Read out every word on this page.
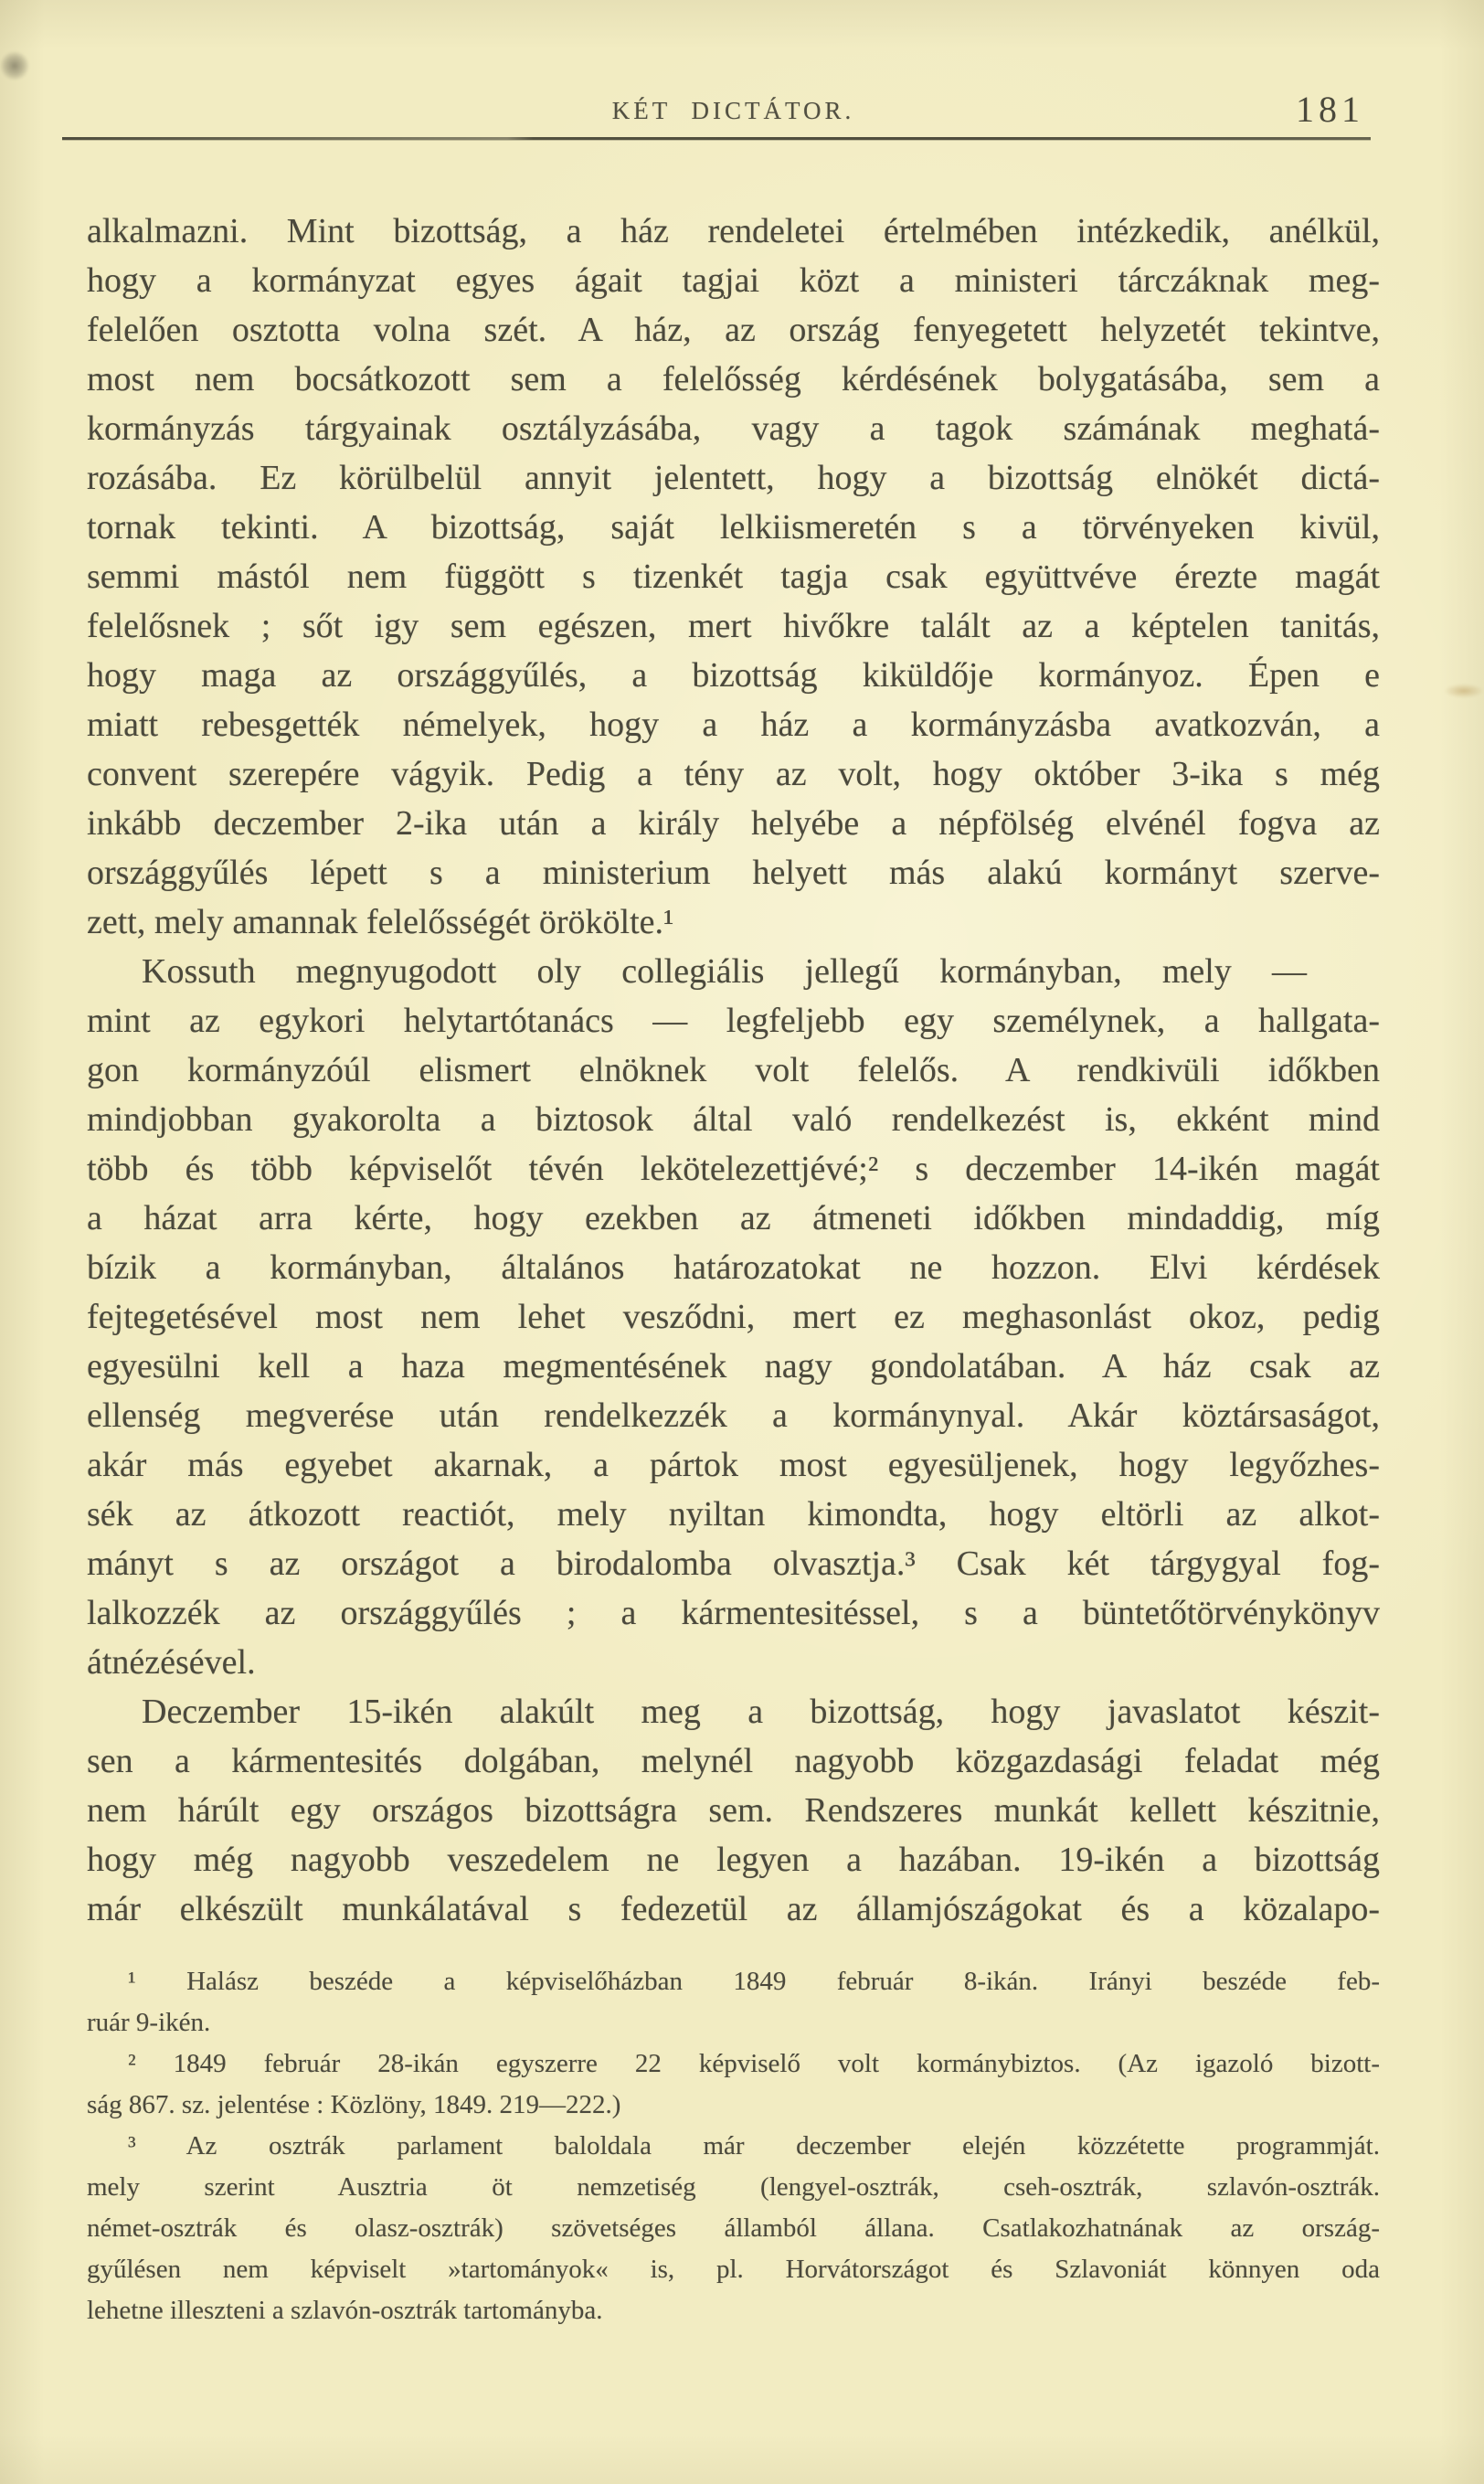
KÉT DICTÁTOR.	181
alkalmazni. Mint bizottság, a ház rendeletei értelmében intézkedik, anélkül,
hogy a kormányzat egyes ágait tagjai közt a ministeri tárczáknak meg-
felelően osztotta volna szét. A ház, az ország fenyegetett helyzetét tekintve,
most nem bocsátkozott sem a felelősség kérdésének bolygatásába, sem a
kormányzás tárgyainak osztályzásába, vagy a tagok számának meghatá-
rozásába. Ez körülbelül annyit jelentett, hogy a bizottság elnökét dictá-
tornak tekinti. A bizottság, saját lelkiismeretén s a törvényeken kivül,
semmi mástól nem függött s tizenkét tagja csak együttvéve érezte magát
felelősnek ; sőt igy sem egészen, mert hivőkre talált az a képtelen tanitás,
hogy maga az országgyűlés, a bizottság kiküldője kormányoz. Épen e
miatt rebesgették némelyek, hogy a ház a kormányzásba avatkozván, a
convent szerepére vágyik. Pedig a tény az volt, hogy október 3-ika s még
inkább deczember 2-ika után a király helyébe a népfölség elvénél fogva az
országgyűlés lépett s a ministerium helyett más alakú kormányt szerve-
zett, mely amannak felelősségét örökölte.¹
Kossuth megnyugodott oly collegiális jellegű kormányban, mely —
mint az egykori helytartótanács — legfeljebb egy személynek, a hallgata-
gon kormányzóúl elismert elnöknek volt felelős. A rendkivüli időkben
mindjobban gyakorolta a biztosok által való rendelkezést is, ekként mind
több és több képviselőt tévén lekötelezettjévé;² s deczember 14-ikén magát
a házat arra kérte, hogy ezekben az átmeneti időkben mindaddig, míg
bízik a kormányban, általános határozatokat ne hozzon. Elvi kérdések
fejtegetésével most nem lehet vesződni, mert ez meghasonlást okoz, pedig
egyesülni kell a haza megmentésének nagy gondolatában. A ház csak az
ellenség megverése után rendelkezzék a kormánynyal. Akár köztársaságot,
akár más egyebet akarnak, a pártok most egyesüljenek, hogy legyőzhes-
sék az átkozott reactiót, mely nyiltan kimondta, hogy eltörli az alkot-
mányt s az országot a birodalomba olvasztja.³ Csak két tárgygyal fog-
lalkozzék az országgyűlés ; a kármentesitéssel, s a büntetőtörvénykönyv
átnézésével.
Deczember 15-ikén alakúlt meg a bizottság, hogy javaslatot készit-
sen a kármentesités dolgában, melynél nagyobb közgazdasági feladat még
nem hárúlt egy országos bizottságra sem. Rendszeres munkát kellett készitnie,
hogy még nagyobb veszedelem ne legyen a hazában. 19-ikén a bizottság
már elkészült munkálatával s fedezetül az államjószágokat és a közalapo-
¹ Halász beszéde a képviselőházban 1849 február 8-ikán. Irányi beszéde feb-
ruár 9-ikén.
² 1849 február 28-ikán egyszerre 22 képviselő volt kormánybiztos. (Az igazoló bizott-
ság 867. sz. jelentése : Közlöny, 1849. 219—222.)
³ Az osztrák parlament baloldala már deczember elején közzétette programmját.
mely szerint Ausztria öt nemzetiség (lengyel-osztrák, cseh-osztrák, szlavón-osztrák.
német-osztrák és olasz-osztrák) szövetséges államból állana. Csatlakozhatnának az ország-
gyűlésen nem képviselt »tartományok« is, pl. Horvátországot és Szlavoniát könnyen oda
lehetne illeszteni a szlavón-osztrák tartományba.
